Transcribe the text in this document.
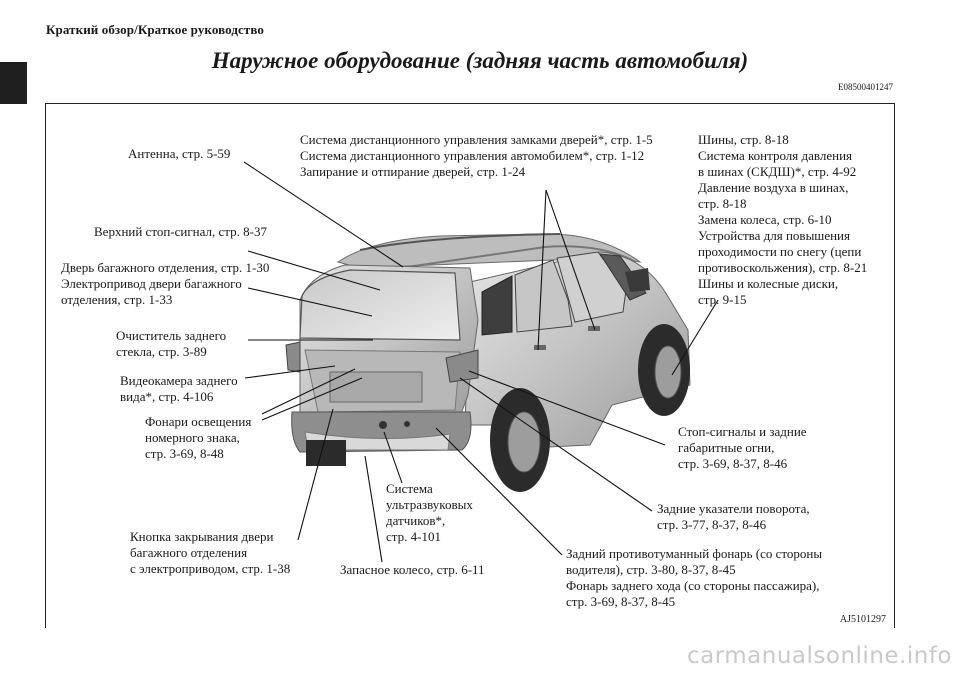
Краткий обзор/Краткое руководство
Наружное оборудование (задняя часть автомобиля)
E08500401247
Антенна, стр. 5-59
Верхний стоп-сигнал, стр. 8-37
Дверь багажного отделения, стр. 1-30
Электропривод двери багажного
отделения, стр. 1-33
Очиститель заднего
стекла, стр. 3-89
Видеокамера заднего
вида*, стр. 4-106
Фонари освещения
номерного знака,
стр. 3-69, 8-48
Кнопка закрывания двери
багажного отделения
с электроприводом, стр. 1-38	Запасное колесо, стр. 6-11
Система
ультразвуковых
датчиков*,
стр. 4-101
Система дистанционного управления замками дверей*, стр. 1-5
Система дистанционного управления автомобилем*, стр. 1-12
Запирание и отпирание дверей, стр. 1-24
Шины, стр. 8-18
Система контроля давления
в шинах (СКДШ)*, стр. 4-92
Давление воздуха в шинах,
стр. 8-18
Замена колеса, стр. 6-10
Устройства для повышения
проходимости по снегу (цепи
противоскольжения), стр. 8-21
Шины и колесные диски,
стр. 9-15
Стоп-сигналы и задние
габаритные огни,
стр. 3-69, 8-37, 8-46
Задние указатели поворота,
стр. 3-77, 8-37, 8-46
Задний противотуманный фонарь (со стороны
водителя), стр. 3-80, 8-37, 8-45
Фонарь заднего хода (со стороны пассажира),
стр. 3-69, 8-37, 8-45
AJ5101297
carmanualsonline.info
